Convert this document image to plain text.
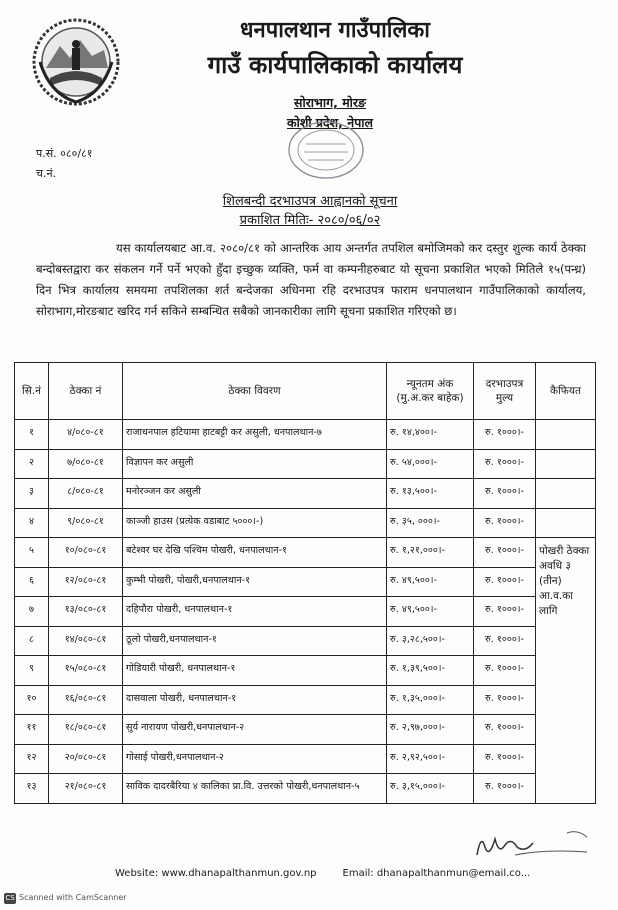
धनपालथान गाउँपालिका
गाउँ कार्यपालिकाको कार्यालय
सोराभाग, मोरङ
कोशी प्रदेश, नेपाल
प.सं. ०८०/८१
च.नं.
शिलबन्दी दरभाउपत्र आह्वानको सूचना
प्रकाशित मितिः- २०८०/०६/०२
यस कार्यालयबाट आ.व. २०८०/८१ को आन्तरिक आय अन्तर्गत तपशिल बमोजिमको कर दस्तुर शुल्क कार्य ठेक्का बन्दोबस्तद्वारा कर संकलन गर्ने पर्ने भएको हुँदा इच्छुक व्यक्ति, फर्म वा कम्पनीहरुबाट यो सूचना प्रकाशित भएको मितिले १५(पन्ध्र) दिन भित्र कार्यालय समयमा तपशिलका शर्त बन्देजका अधिनमा रहि दरभाउपत्र फाराम धनपालथान गाउँपालिकाको कार्यालय, सोराभाग,मोरङबाट खरिद गर्न सकिने सम्बन्धित सबैको जानकारीका लागि सूचना प्रकाशित गरिएको छ।
सि.नं	ठेक्का नं	ठेक्का विवरण	न्यूनतम अंक (मु.अ.कर बाहेक)	दरभाउपत्र मुल्य	कैफियत
१	४/०८०-८१	राजाधनपाल हटियामा हाटबट्टी कर असुली, धनपालथान-७	रु. १४,४००।-	रु. १०००।-	
२	७/०८०-८१	विज्ञापन कर असुली	रु. ५४,०००।-	रु. १०००।-	
३	८/०८०-८१	मनोरञ्जन कर असुली	रु. १३,५००।-	रु. १०००।-	
४	९/०८०-८१	काञ्जी हाउस (प्रत्येक वडाबाट ५०००।-)	रु. ३५, ०००।-	रु. १०००।-	
५	१०/०८०-८१	बटेश्वर घर देखि पश्चिम पोखरी, धनपालथान-१	रु. १,२१,०००।-	रु. १०००।-	पोखरी ठेक्का अवधि ३ (तीन) आ.व.का लागि
६	१२/०८०-८१	कुम्भी पोखरी, पोखरी,धनपालथान-१	रु. ४९,५००।-	रु. १०००।-	
७	१३/०८०-८१	दहिपौरा पोखरी, धनपालथान-१	रु. ४९,५००।-	रु. १०००।-	
८	१४/०८०-८१	ठूलो पोखरी,धनपालथान-१	रु. ३,२८,५००।-	रु. १०००।-	
९	१५/०८०-८१	गोडियारी पोखरी, धनपालथान-१	रु. १,३९,५००।-	रु. १०००।-	
१०	१६/०८०-८१	दासवाला पोखरी, धनपालथान-१	रु. १,३५,०००।-	रु. १०००।-	
११	१८/०८०-८१	सुर्य नारायण पोखरी,धनपालथान-२	रु. २,९७,०००।-	रु. १०००।-	
१२	२०/०८०-८१	गोसाई पोखरी,धनपालथान-२	रु. २,९२,५००।-	रु. १०००।-	
१३	२१/०८०-८१	साविक दादरबैरिया ४ कालिका प्रा.वि. उत्तरको पोखरी,धनपालथान-५	रु. ३,१५,०००।-	रु. १०००।-	
Website: www.dhanapalthanmun.gov.np	Email: dhanapalthanmun@email.co...
CS Scanned with CamScanner
